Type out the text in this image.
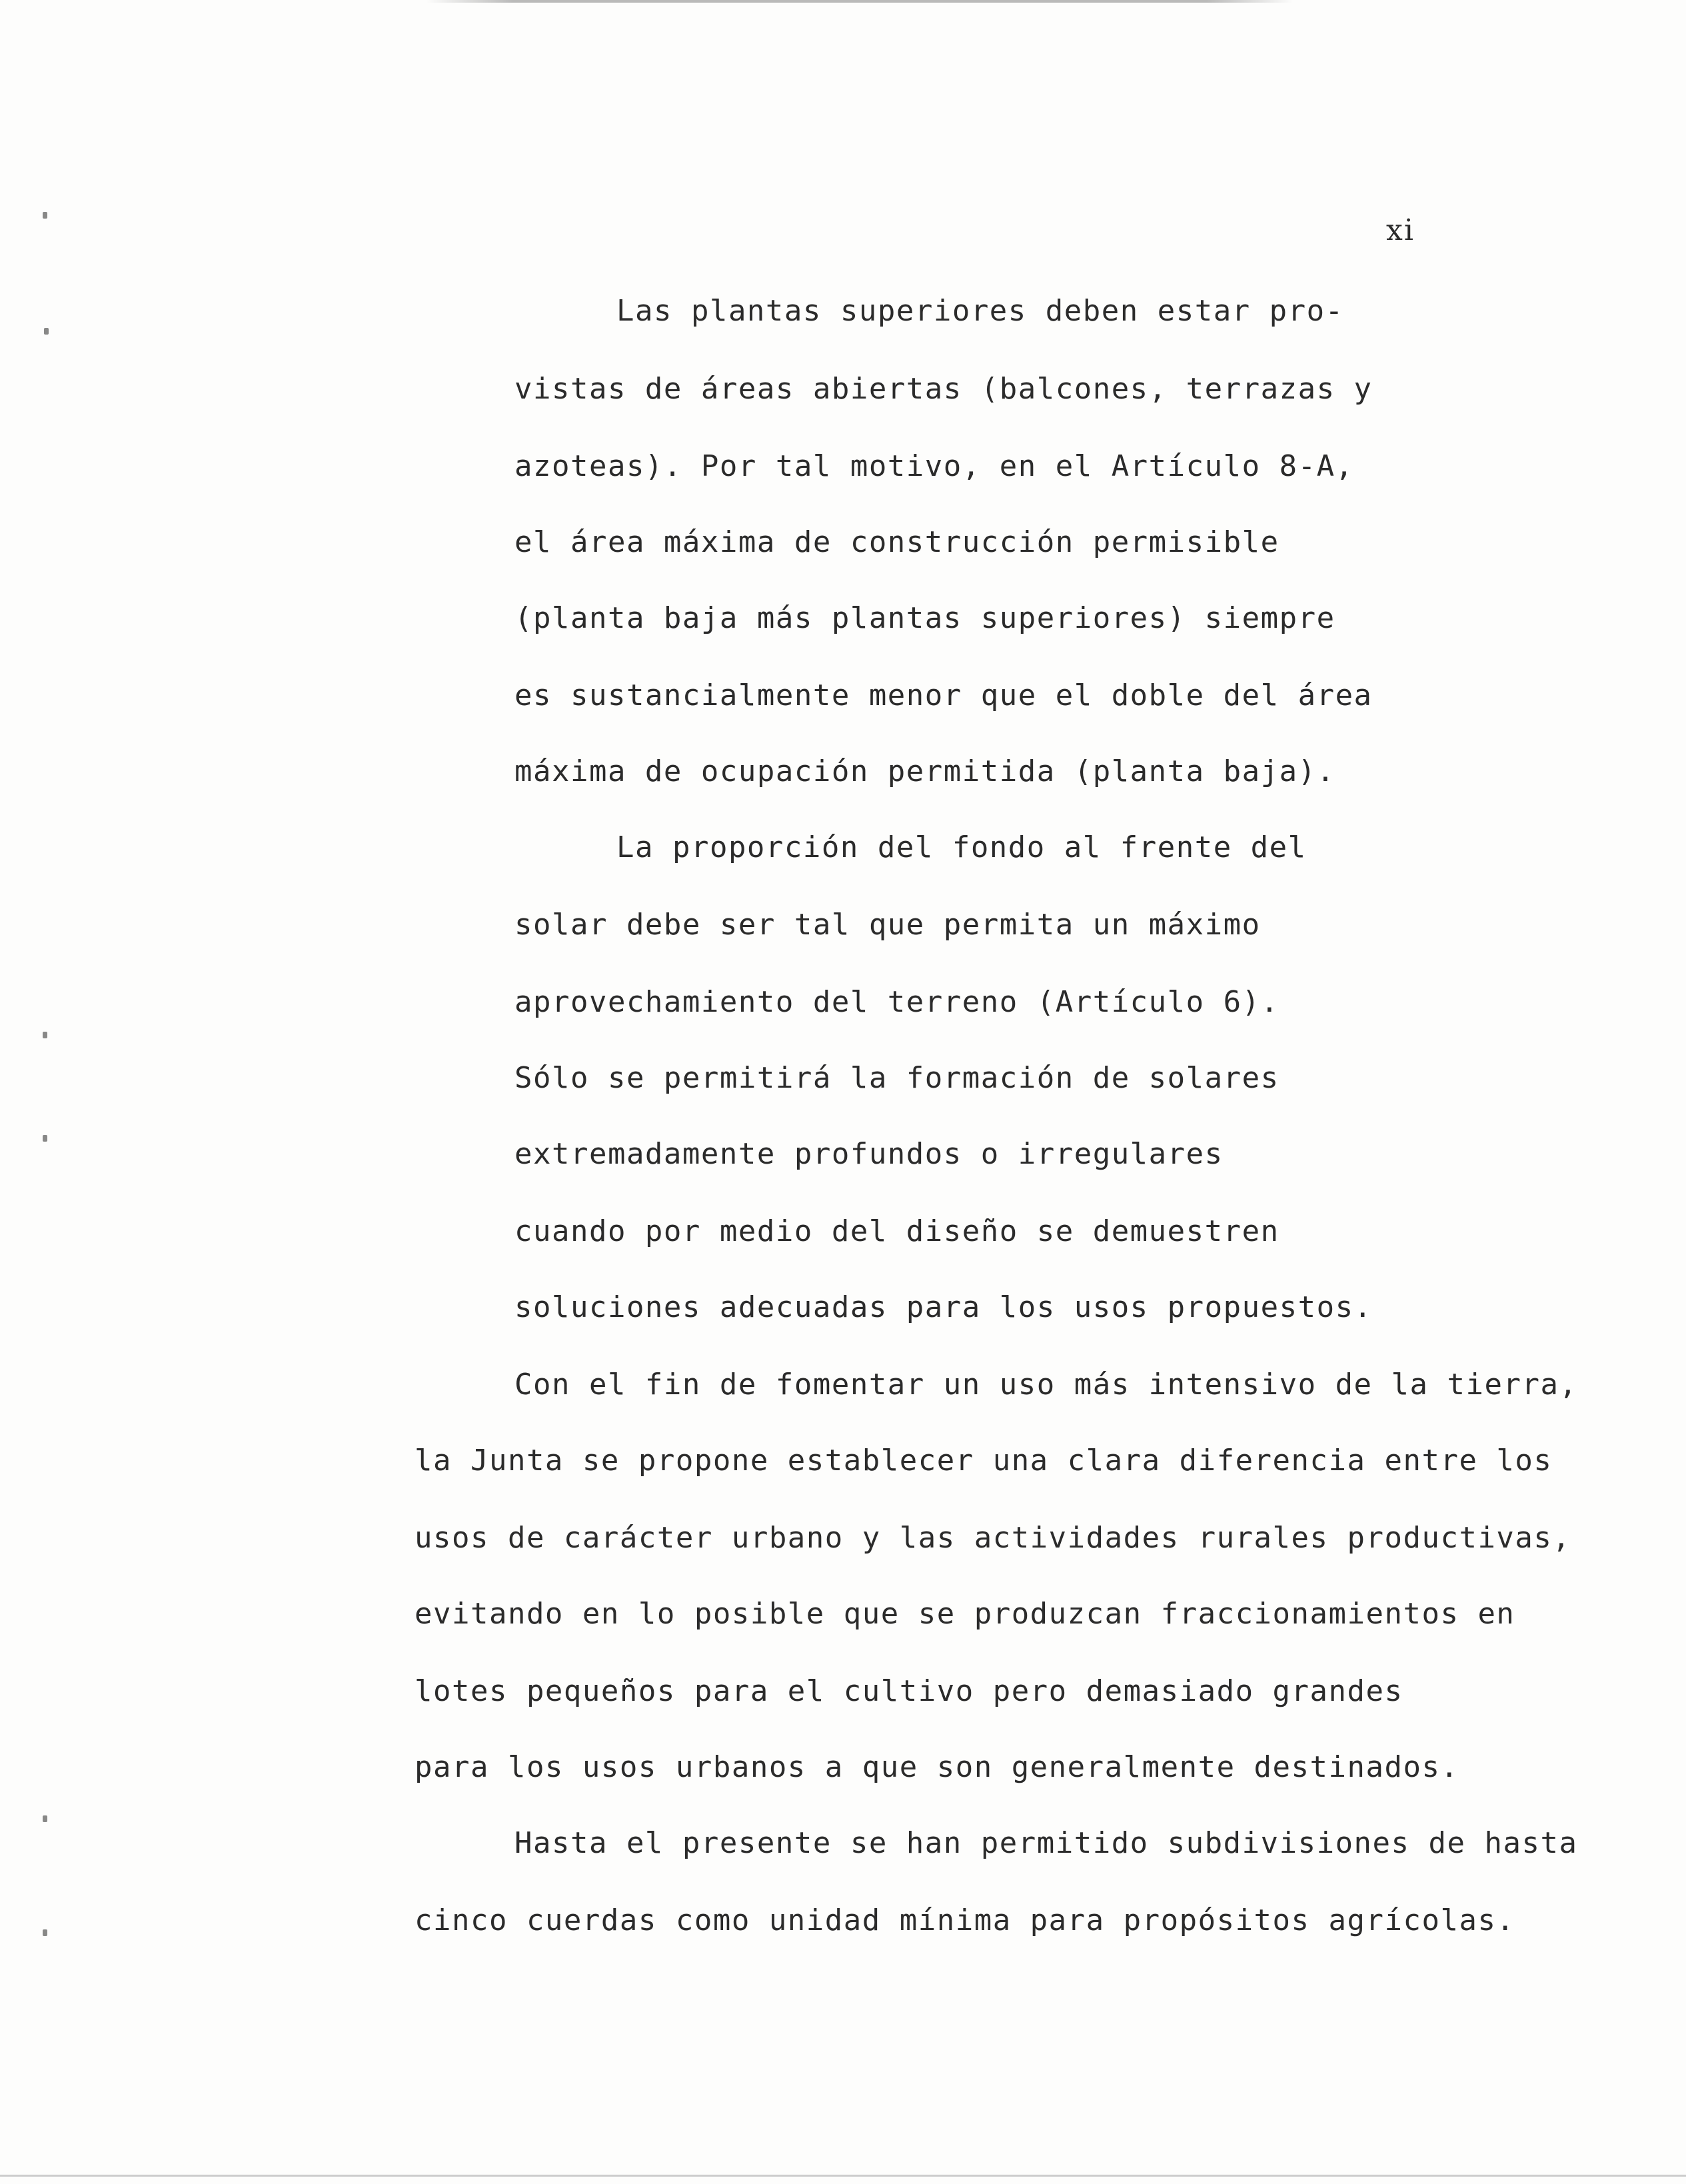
xi
Las plantas superiores deben estar pro-
vistas de áreas abiertas (balcones, terrazas y
azoteas). Por tal motivo, en el Artículo 8-A,
el área máxima de construcción permisible
(planta baja más plantas superiores) siempre
es sustancialmente menor que el doble del área
máxima de ocupación permitida (planta baja).
La proporción del fondo al frente del
solar debe ser tal que permita un máximo
aprovechamiento del terreno (Artículo 6).
Sólo se permitirá la formación de solares
extremadamente profundos o irregulares
cuando por medio del diseño se demuestren
soluciones adecuadas para los usos propuestos.
Con el fin de fomentar un uso más intensivo de la tierra,
la Junta se propone establecer una clara diferencia entre los
usos de carácter urbano y las actividades rurales productivas,
evitando en lo posible que se produzcan fraccionamientos en
lotes pequeños para el cultivo pero demasiado grandes
para los usos urbanos a que son generalmente destinados.
Hasta el presente se han permitido subdivisiones de hasta
cinco cuerdas como unidad mínima para propósitos agrícolas.
